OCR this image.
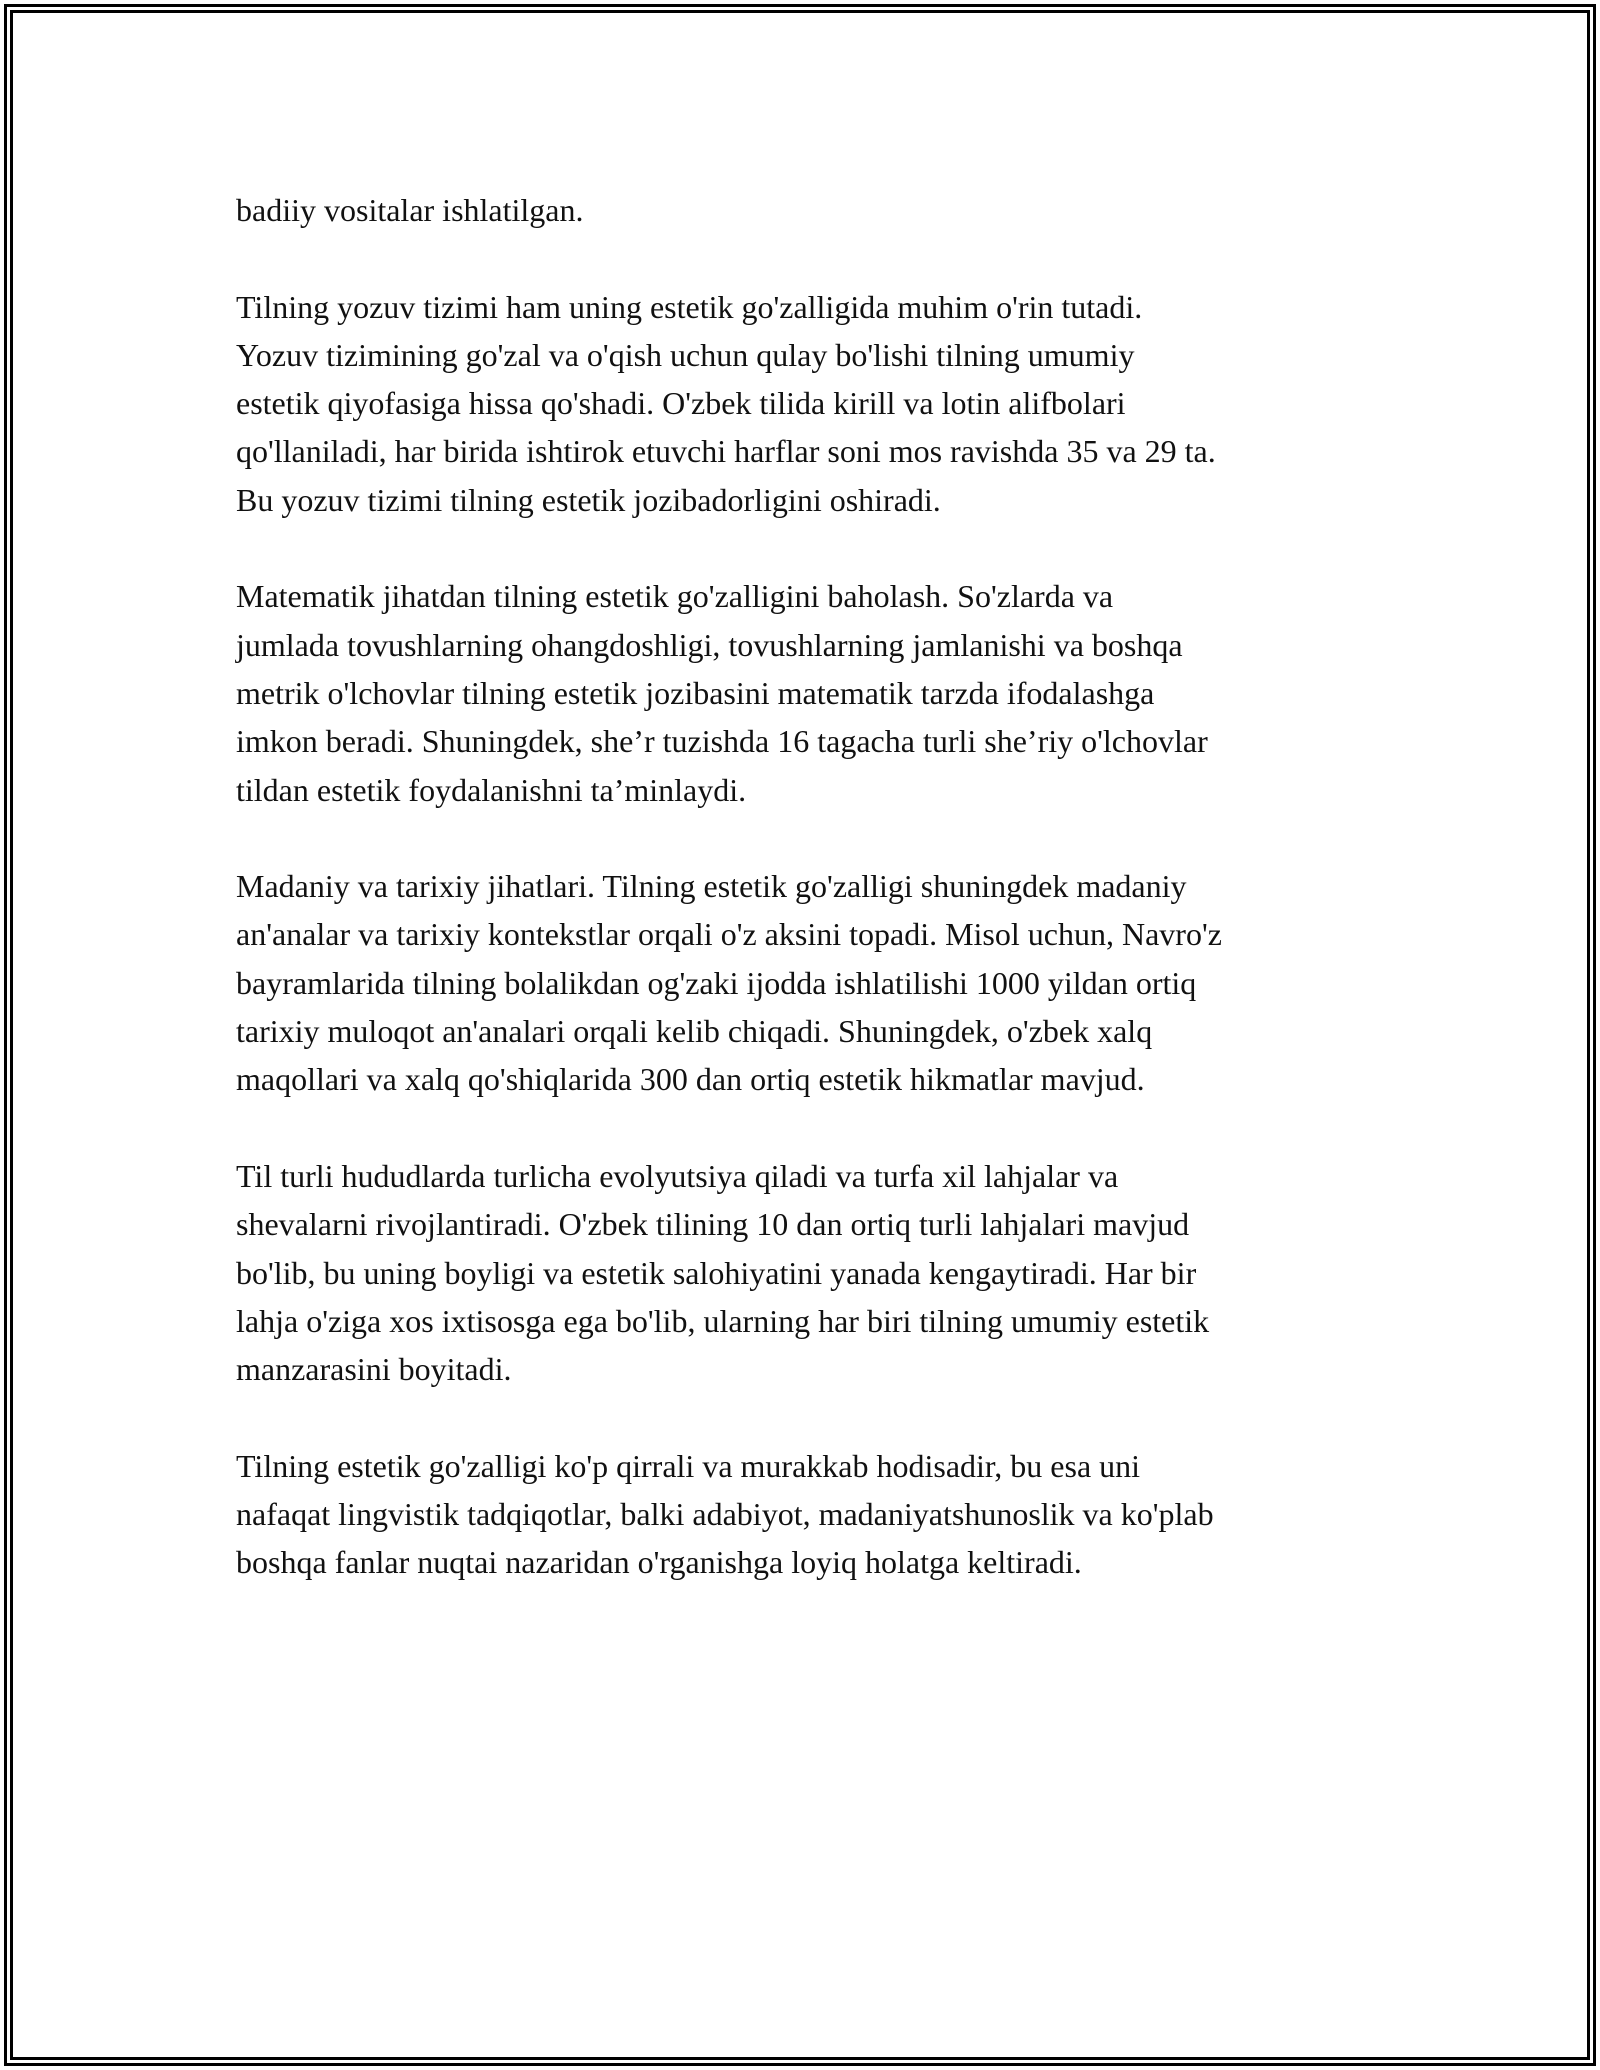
badiiy vositalar ishlatilgan.

Tilning yozuv tizimi ham uning estetik go'zalligida muhim o'rin tutadi.
Yozuv tizimining go'zal va o'qish uchun qulay bo'lishi tilning umumiy
estetik qiyofasiga hissa qo'shadi. O'zbek tilida kirill va lotin alifbolari
qo'llaniladi, har birida ishtirok etuvchi harflar soni mos ravishda 35 va 29 ta.
Bu yozuv tizimi tilning estetik jozibadorligini oshiradi.

Matematik jihatdan tilning estetik go'zalligini baholash. So'zlarda va
jumlada tovushlarning ohangdoshligi, tovushlarning jamlanishi va boshqa
metrik o'lchovlar tilning estetik jozibasini matematik tarzda ifodalashga
imkon beradi. Shuningdek, she’r tuzishda 16 tagacha turli she’riy o'lchovlar
tildan estetik foydalanishni ta’minlaydi.

Madaniy va tarixiy jihatlari. Tilning estetik go'zalligi shuningdek madaniy
an'analar va tarixiy kontekstlar orqali o'z aksini topadi. Misol uchun, Navro'z
bayramlarida tilning bolalikdan og'zaki ijodda ishlatilishi 1000 yildan ortiq
tarixiy muloqot an'analari orqali kelib chiqadi. Shuningdek, o'zbek xalq
maqollari va xalq qo'shiqlarida 300 dan ortiq estetik hikmatlar mavjud.

Til turli hududlarda turlicha evolyutsiya qiladi va turfa xil lahjalar va
shevalarni rivojlantiradi. O'zbek tilining 10 dan ortiq turli lahjalari mavjud
bo'lib, bu uning boyligi va estetik salohiyatini yanada kengaytiradi. Har bir
lahja o'ziga xos ixtisosga ega bo'lib, ularning har biri tilning umumiy estetik
manzarasini boyitadi.

Tilning estetik go'zalligi ko'p qirrali va murakkab hodisadir, bu esa uni
nafaqat lingvistik tadqiqotlar, balki adabiyot, madaniyatshunoslik va ko'plab
boshqa fanlar nuqtai nazaridan o'rganishga loyiq holatga keltiradi.
